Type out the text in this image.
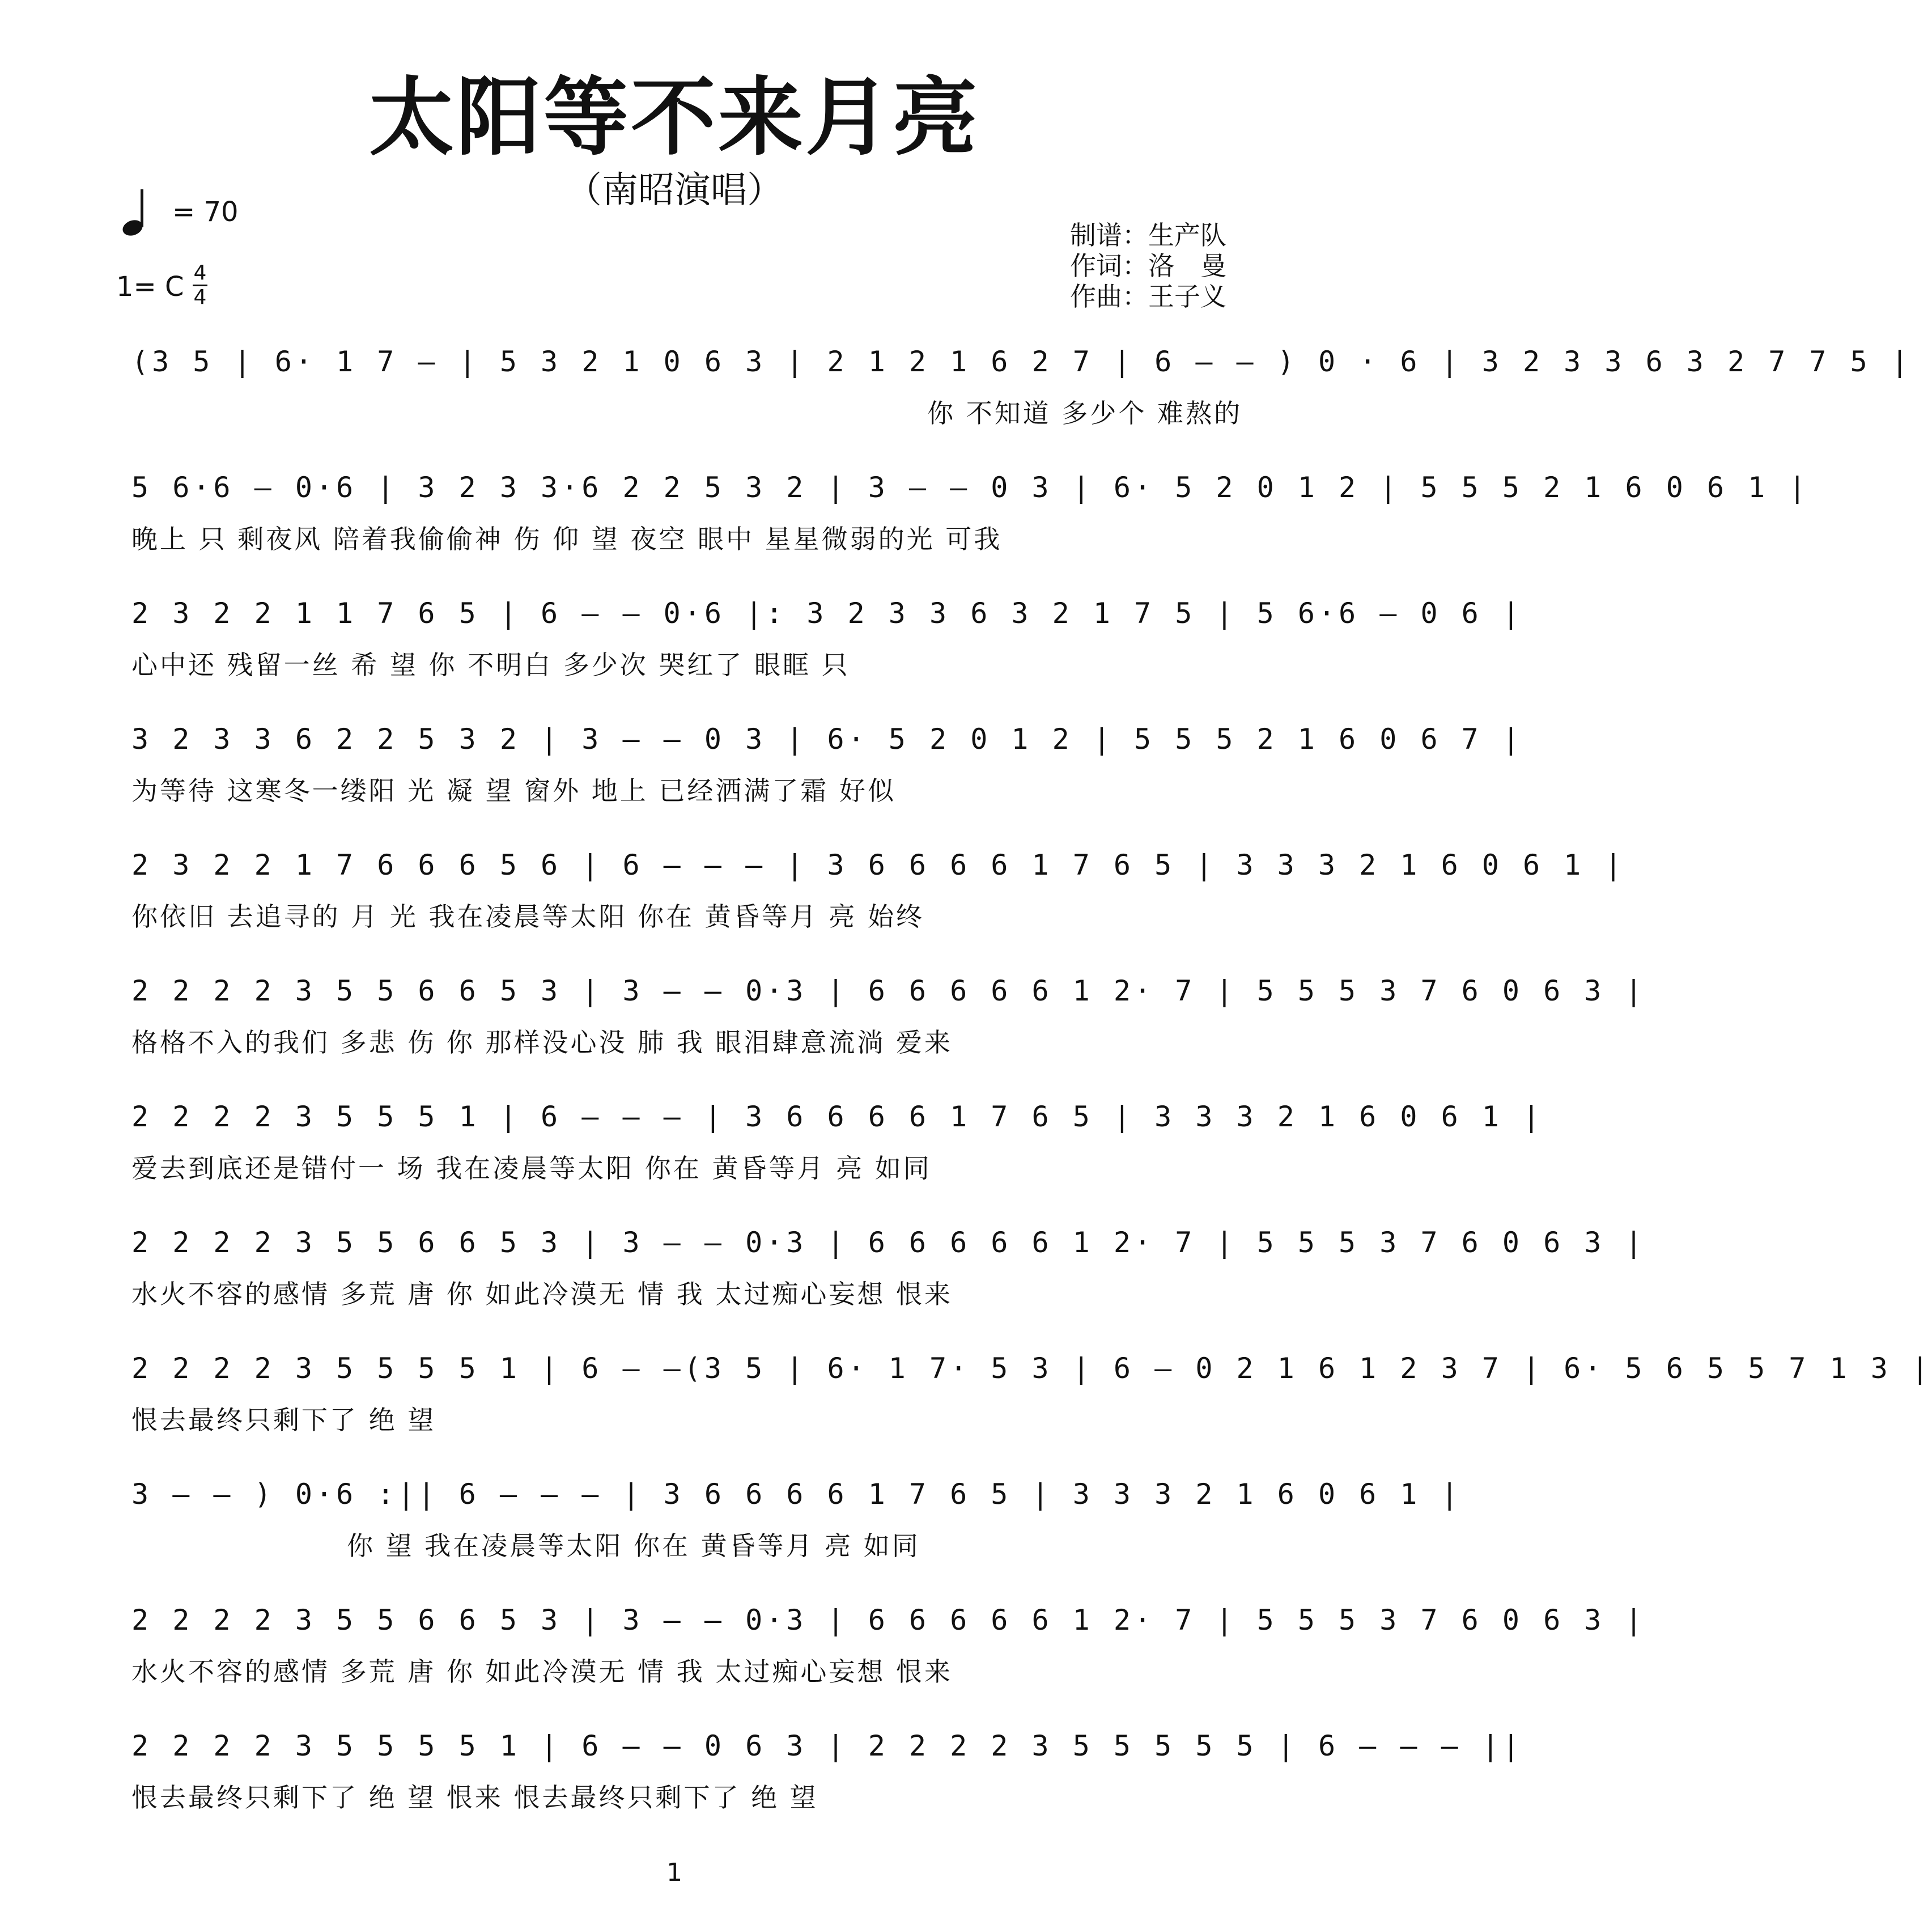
太阳等不来月亮
（南昭演唱）
= 70
1= C 4
4
制谱：生产队
作词：洛　曼
作曲：王子义
(3 5 | 6· 1 7 — | 5 3 2 1 0 6 3 | 2 1 2 1 6 2 7 | 6 — — ) 0 · 6 | 3 2 3 3 6 3 2 7 7 5 |
你 不知道 多少个 难熬的
5 6·6 — 0·6 | 3 2 3 3·6 2 2 5 3 2 | 3 — — 0 3 | 6· 5 2 0 1 2 | 5 5 5 2 1 6 0 6 1 |
晚上 只 剩夜风 陪着我偷偷神 伤 仰 望 夜空 眼中 星星微弱的光 可我
2 3 2 2 1 1 7 6 5 | 6 — — 0·6 |: 3 2 3 3 6 3 2 1 7 5 | 5 6·6 — 0 6 |
心中还 残留一丝 希 望 你 不明白 多少次 哭红了 眼眶 只
3 2 3 3 6 2 2 5 3 2 | 3 — — 0 3 | 6· 5 2 0 1 2 | 5 5 5 2 1 6 0 6 7 |
为等待 这寒冬一缕阳 光 凝 望 窗外 地上 已经洒满了霜 好似
2 3 2 2 1 7 6 6 6 5 6 | 6 — — — | 3 6 6 6 6 1 7 6 5 | 3 3 3 2 1 6 0 6 1 |
你依旧 去追寻的 月 光 我在凌晨等太阳 你在 黄昏等月 亮 始终
2 2 2 2 3 5 5 6 6 5 3 | 3 — — 0·3 | 6 6 6 6 6 1 2· 7 | 5 5 5 3 7 6 0 6 3 |
格格不入的我们 多悲 伤 你 那样没心没 肺 我 眼泪肆意流淌 爱来
2 2 2 2 3 5 5 5 1 | 6 — — — | 3 6 6 6 6 1 7 6 5 | 3 3 3 2 1 6 0 6 1 |
爱去到底还是错付一 场 我在凌晨等太阳 你在 黄昏等月 亮 如同
2 2 2 2 3 5 5 6 6 5 3 | 3 — — 0·3 | 6 6 6 6 6 1 2· 7 | 5 5 5 3 7 6 0 6 3 |
水火不容的感情 多荒 唐 你 如此冷漠无 情 我 太过痴心妄想 恨来
2 2 2 2 3 5 5 5 5 1 | 6 — —(3 5 | 6· 1 7· 5 3 | 6 — 0 2 1 6 1 2 3 7 | 6· 5 6 5 5 7 1 3 |
恨去最终只剩下了 绝 望
3 — — ) 0·6 :|| 6 — — — | 3 6 6 6 6 1 7 6 5 | 3 3 3 2 1 6 0 6 1 |
你 望 我在凌晨等太阳 你在 黄昏等月 亮 如同
2 2 2 2 3 5 5 6 6 5 3 | 3 — — 0·3 | 6 6 6 6 6 1 2· 7 | 5 5 5 3 7 6 0 6 3 |
水火不容的感情 多荒 唐 你 如此冷漠无 情 我 太过痴心妄想 恨来
2 2 2 2 3 5 5 5 5 1 | 6 — — 0 6 3 | 2 2 2 2 3 5 5 5 5 5 | 6 — — — ||
恨去最终只剩下了 绝 望 恨来 恨去最终只剩下了 绝 望
1
